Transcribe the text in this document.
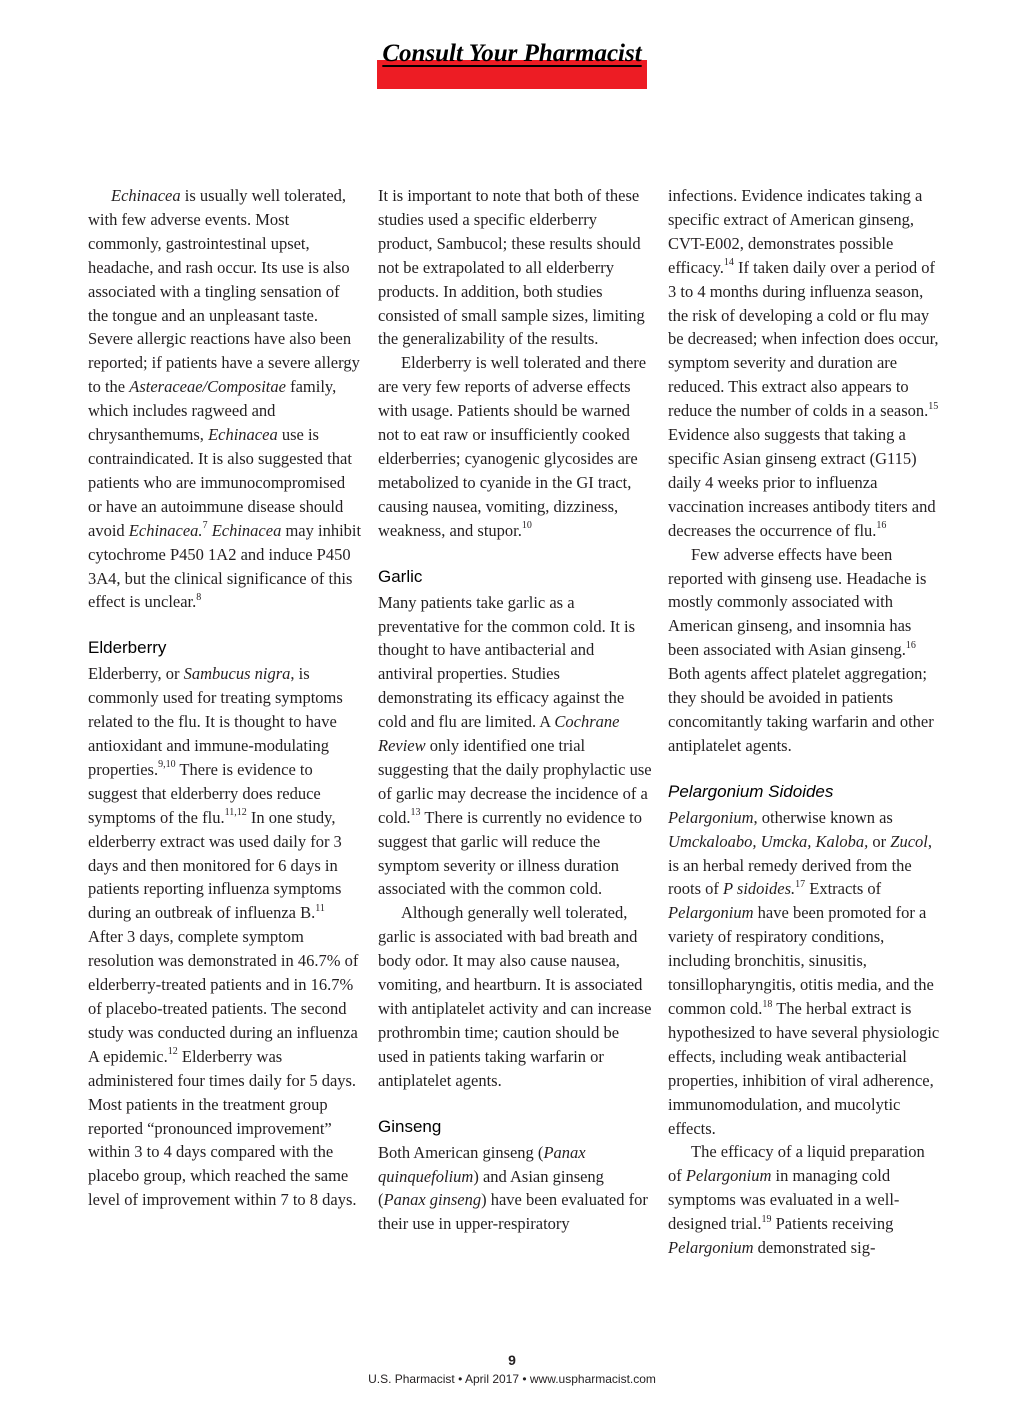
Consult Your Pharmacist

Echinacea is usually well tolerated, with few adverse events. Most commonly, gastrointestinal upset, headache, and rash occur. Its use is also associated with a tingling sensation of the tongue and an unpleasant taste. Severe allergic reactions have also been reported; if patients have a severe allergy to the Asteraceae/Compositae family, which includes ragweed and chrysanthemums, Echinacea use is contraindicated. It is also suggested that patients who are immunocompromised or have an autoimmune disease should avoid Echinacea.$^7$ Echinacea may inhibit cytochrome P450 1A2 and induce P450 3A4, but the clinical significance of this effect is unclear.$^8$

Elderberry

Elderberry, or Sambucus nigra, is commonly used for treating symptoms related to the flu. It is thought to have antioxidant and immune-modulating properties.$^{9,10}$ There is evidence to suggest that elderberry does reduce symptoms of the flu.$^{11,12}$ In one study, elderberry extract was used daily for 3 days and then monitored for 6 days in patients reporting influenza symptoms during an outbreak of influenza B.$^{11}$ After 3 days, complete symptom resolution was demonstrated in 46.7% of elderberry-treated patients and in 16.7% of placebo-treated patients. The second study was conducted during an influenza A epidemic.$^{12}$ Elderberry was administered four times daily for 5 days. Most patients in the treatment group reported “pronounced improvement” within 3 to 4 days compared with the placebo group, which reached the same level of improvement within 7 to 8 days.

It is important to note that both of these studies used a specific elderberry product, Sambucol; these results should not be extrapolated to all elderberry products. In addition, both studies consisted of small sample sizes, limiting the generalizability of the results.

Elderberry is well tolerated and there are very few reports of adverse effects with usage. Patients should be warned not to eat raw or insufficiently cooked elderberries; cyanogenic glycosides are metabolized to cyanide in the GI tract, causing nausea, vomiting, dizziness, weakness, and stupor.$^{10}$

Garlic

Many patients take garlic as a preventative for the common cold. It is thought to have antibacterial and antiviral properties. Studies demonstrating its efficacy against the cold and flu are limited. A Cochrane Review only identified one trial suggesting that the daily prophylactic use of garlic may decrease the incidence of a cold.$^{13}$ There is currently no evidence to suggest that garlic will reduce the symptom severity or illness duration associated with the common cold.

Although generally well tolerated, garlic is associated with bad breath and body odor. It may also cause nausea, vomiting, and heartburn. It is associated with antiplatelet activity and can increase prothrombin time; caution should be used in patients taking warfarin or antiplatelet agents.

Ginseng

Both American ginseng (Panax quinquefolium) and Asian ginseng (Panax ginseng) have been evaluated for their use in upper-respiratory

infections. Evidence indicates taking a specific extract of American ginseng, CVT-E002, demonstrates possible efficacy.$^{14}$ If taken daily over a period of 3 to 4 months during influenza season, the risk of developing a cold or flu may be decreased; when infection does occur, symptom severity and duration are reduced. This extract also appears to reduce the number of colds in a season.$^{15}$ Evidence also suggests that taking a specific Asian ginseng extract (G115) daily 4 weeks prior to influenza vaccination increases antibody titers and decreases the occurrence of flu.$^{16}$

Few adverse effects have been reported with ginseng use. Headache is mostly commonly associated with American ginseng, and insomnia has been associated with Asian ginseng.$^{16}$ Both agents affect platelet aggregation; they should be avoided in patients concomitantly taking warfarin and other antiplatelet agents.

Pelargonium Sidoides

Pelargonium, otherwise known as Umckaloabo, Umcka, Kaloba, or Zucol, is an herbal remedy derived from the roots of P sidoides.$^{17}$ Extracts of Pelargonium have been promoted for a variety of respiratory conditions, including bronchitis, sinusitis, tonsillopharyngitis, otitis media, and the common cold.$^{18}$ The herbal extract is hypothesized to have several physiologic effects, including weak antibacterial properties, inhibition of viral adherence, immunomodulation, and mucolytic effects.

The efficacy of a liquid preparation of Pelargonium in managing cold symptoms was evaluated in a well-designed trial.$^{19}$ Patients receiving Pelargonium demonstrated sig-

9
U.S. Pharmacist • April 2017 • www.uspharmacist.com
